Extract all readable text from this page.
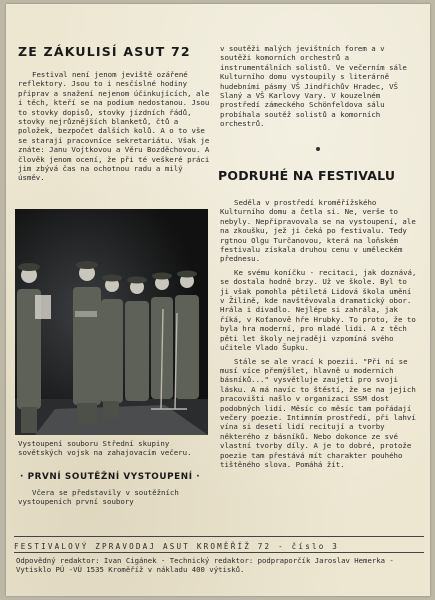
ZE ZÁKULISÍ ASUT 72

Festival není jenom jeviště ozářené reflektory. Jsou to i nesčíslné hodiny příprav a snažení nejenom účinkujících, ale i těch, kteří se na podium nedostanou. Jsou to stovky dopisů, stovky jízdních řádů, stovky nejrůznějších blanketů, čtů a položek, bezpočet dalších kolů. A o to vše se starají pracovníce sekretariátu. Však je znáte: Janu Vojtkovou a Věru Bozděchovou. A člověk jenom ocení, že při té veškeré práci jim zbývá čas na ochotnou radu a milý úsměv.

Vystoupení souboru Střední skupiny sovětských vojsk na zahajovacím večeru.

· PRVNÍ SOUTĚŽNÍ VYSTOUPENÍ ·

Včera se představily v soutěžních vystoupeních první soubory

v soutěži malých jevištních forem a v soutěži komorních orchestrů a instrumentálních solistů. Ve večerním sále Kulturního domu vystoupily s literárně hudebními pásmy VŠ Jindřichův Hradec, VŠ Slaný a VŠ Karlovy Vary. V kouzelném prostředí zámeckého Schönfeldova sálu probíhala soutěž solistů a komorních orchestrů.

PODRUHÉ NA FESTIVALU

Seděla v prostředí kroměřížského Kulturního domu a četla si. Ne, verše to nebyly. Nepřipravovala se na vystoupení, ale na zkoušku, jež ji čeká po festivalu. Tedy rgtnou Olgu Turčanovou, která na loňském festivalu získala druhou cenu v uměleckém přednesu.

Ke svému koníčku - recitaci, jak doznává, se dostala hodně brzy. Už ve škole. Byl to ji však pomohla pětiletá Lidová škola umění v Žilině, kde navštěvovala dramatický obor. Hrála i divadlo. Nejlépe si zahrála, jak říká, v Koťanově hře Hrubky. To proto, že to byla hra moderní, pro mladé lidi. A z těch pěti let školy nejraději vzpomíná svého učitele Vlado Šupku.

Stále se ale vrací k poezii. "Při ní se musí více přemýšlet, hlavně u moderních básníků..." vysvětluje zaujetí pro svoji lásku. A má navíc to štěstí, že se na jejich pracovišti našlo v organizaci SSM dost podobných lidí. Měsíc co měsíc tam pořádají večery poezie. Intimním prostředí, při lahví vína si desetí lidí recitují a tvorby některého z básníků. Nebo dokonce ze své vlastní tvorby díly. A je to dobré, protože poezie tam přestává mít charakter pouhého tištěného slova. Pomáhá žít.

FESTIVALOVÝ ZPRAVODAJ ASUT KROMĚŘÍŽ 72 - číslo 3

Odpovědný redaktor: Ivan Cigánek - Technický redaktor: podpraporčík Jaroslav Hemerka - Vytisklo PÚ -VÚ 1535 Kroměříž v nákladu 400 výtisků.
